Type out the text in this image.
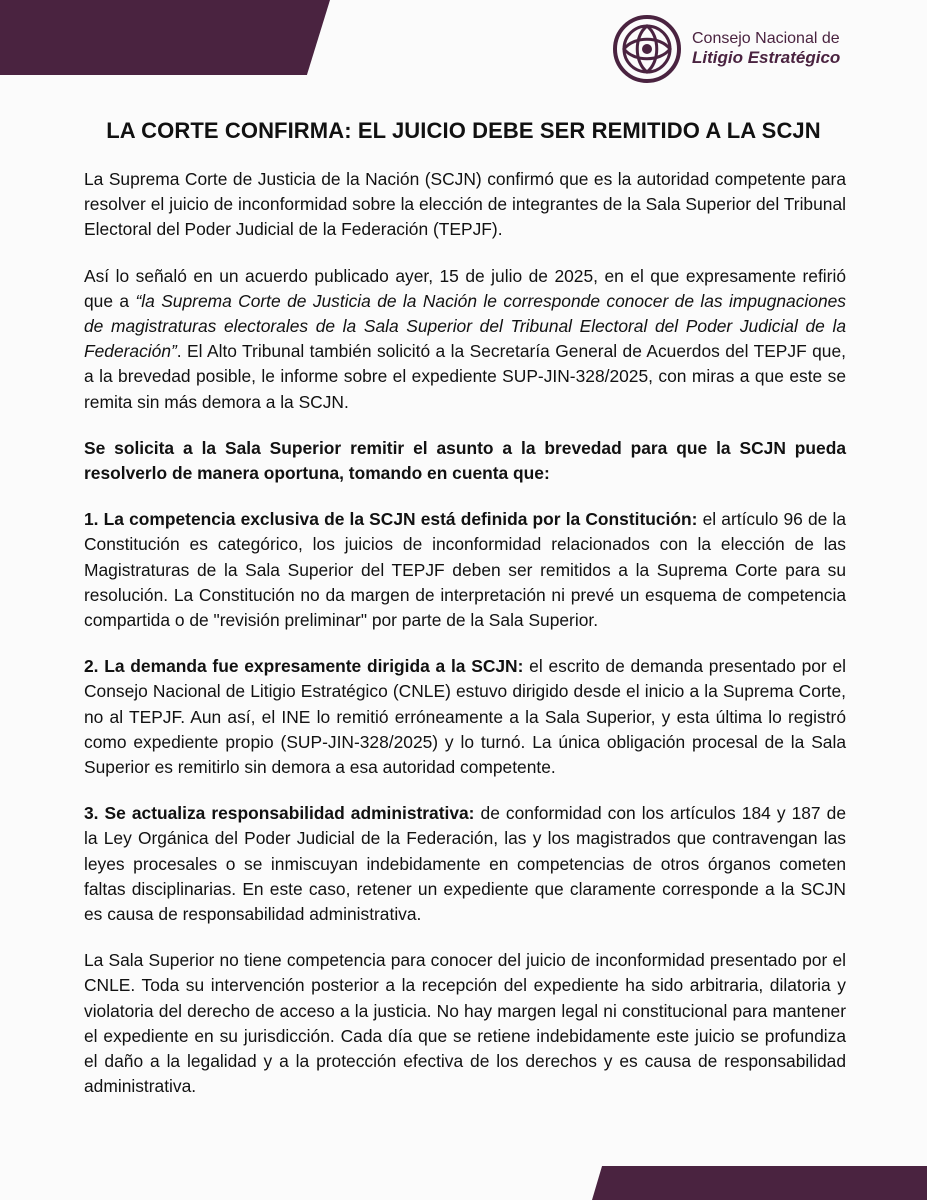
Consejo Nacional de
Litigio Estratégico
LA CORTE CONFIRMA: EL JUICIO DEBE SER REMITIDO A LA SCJN

La Suprema Corte de Justicia de la Nación (SCJN) confirmó que es la autoridad competente para resolver el juicio de inconformidad sobre la elección de integrantes de la Sala Superior del Tribunal Electoral del Poder Judicial de la Federación (TEPJF).

Así lo señaló en un acuerdo publicado ayer, 15 de julio de 2025, en el que expresamente refirió que a “la Suprema Corte de Justicia de la Nación le corresponde conocer de las impugnaciones de magistraturas electorales de la Sala Superior del Tribunal Electoral del Poder Judicial de la Federación”. El Alto Tribunal también solicitó a la Secretaría General de Acuerdos del TEPJF que, a la brevedad posible, le informe sobre el expediente SUP-JIN-328/2025, con miras a que este se remita sin más demora a la SCJN.

Se solicita a la Sala Superior remitir el asunto a la brevedad para que la SCJN pueda resolverlo de manera oportuna, tomando en cuenta que:

1. La competencia exclusiva de la SCJN está definida por la Constitución: el artículo 96 de la Constitución es categórico, los juicios de inconformidad relacionados con la elección de las Magistraturas de la Sala Superior del TEPJF deben ser remitidos a la Suprema Corte para su resolución. La Constitución no da margen de interpretación ni prevé un esquema de competencia compartida o de "revisión preliminar" por parte de la Sala Superior.

2. La demanda fue expresamente dirigida a la SCJN: el escrito de demanda presentado por el Consejo Nacional de Litigio Estratégico (CNLE) estuvo dirigido desde el inicio a la Suprema Corte, no al TEPJF. Aun así, el INE lo remitió erróneamente a la Sala Superior, y esta última lo registró como expediente propio (SUP-JIN-328/2025) y lo turnó. La única obligación procesal de la Sala Superior es remitirlo sin demora a esa autoridad competente.

3. Se actualiza responsabilidad administrativa: de conformidad con los artículos 184 y 187 de la Ley Orgánica del Poder Judicial de la Federación, las y los magistrados que contravengan las leyes procesales o se inmiscuyan indebidamente en competencias de otros órganos cometen faltas disciplinarias. En este caso, retener un expediente que claramente corresponde a la SCJN es causa de responsabilidad administrativa.

La Sala Superior no tiene competencia para conocer del juicio de inconformidad presentado por el CNLE. Toda su intervención posterior a la recepción del expediente ha sido arbitraria, dilatoria y violatoria del derecho de acceso a la justicia. No hay margen legal ni constitucional para mantener el expediente en su jurisdicción. Cada día que se retiene indebidamente este juicio se profundiza el daño a la legalidad y a la protección efectiva de los derechos y es causa de responsabilidad administrativa.
